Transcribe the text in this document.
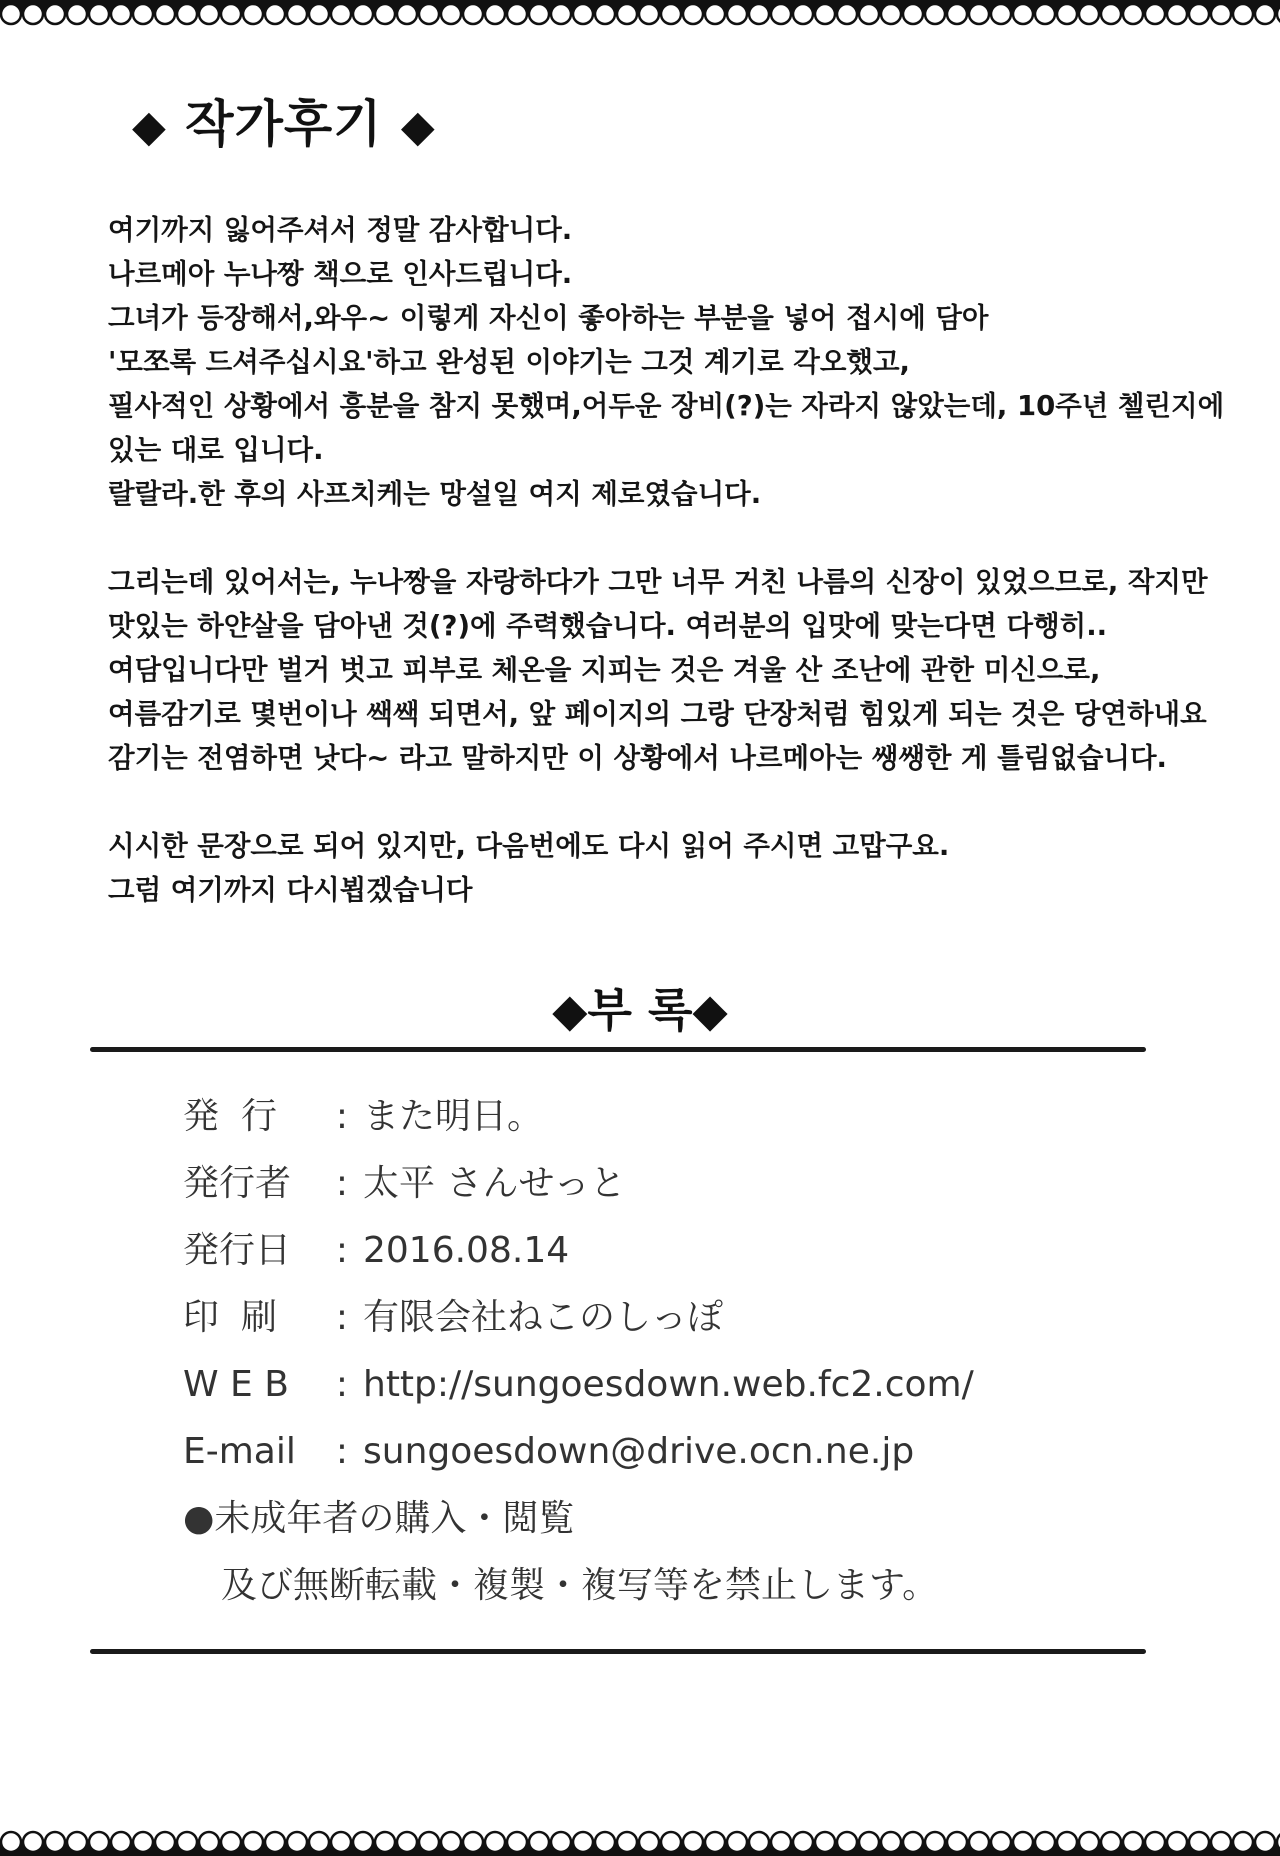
◆ 작가후기 ◆
여기까지 잃어주셔서 정말 감사합니다.
나르메아 누나짱 책으로 인사드립니다.
그녀가 등장해서,와우~ 이렇게 자신이 좋아하는 부분을 넣어 접시에 담아
'모쪼록 드셔주십시요'하고 완성된 이야기는 그것 계기로 각오했고,
필사적인 상황에서 흥분을 참지 못했며,어두운 장비(?)는 자라지 않았는데, 10주년 첼린지에
있는 대로 입니다.
랄랄라.한 후의 사프치케는 망설일 여지 제로였습니다.
그리는데 있어서는, 누나짱을 자랑하다가 그만 너무 거친 나름의 신장이 있었으므로, 작지만
맛있는 하얀살을 담아낸 것(?)에 주력했습니다. 여러분의 입맛에 맞는다면 다행히..
여담입니다만 벌거 벗고 피부로 체온을 지피는 것은 겨울 산 조난에 관한 미신으로,
여름감기로 몇번이나 쌕쌕 되면서, 앞 페이지의 그랑 단장처럼 힘있게 되는 것은 당연하내요
감기는 전염하면 낫다~ 라고 말하지만 이 상황에서 나르메아는 쌩쌩한 게 틀림없습니다.
시시한 문장으로 되어 있지만, 다음번에도 다시 읽어 주시면 고맙구요.
그럼 여기까지 다시뵙겠습니다
◆부 록◆
発行 : また明日。
発行者 : 太平 さんせっと
発行日 : 2016.08.14
印刷 : 有限会社ねこのしっぽ
W E B : http://sungoesdown.web.fc2.com/
E-mail : sungoesdown@drive.ocn.ne.jp
●未成年者の購入・閲覧
及び無断転載・複製・複写等を禁止します。
